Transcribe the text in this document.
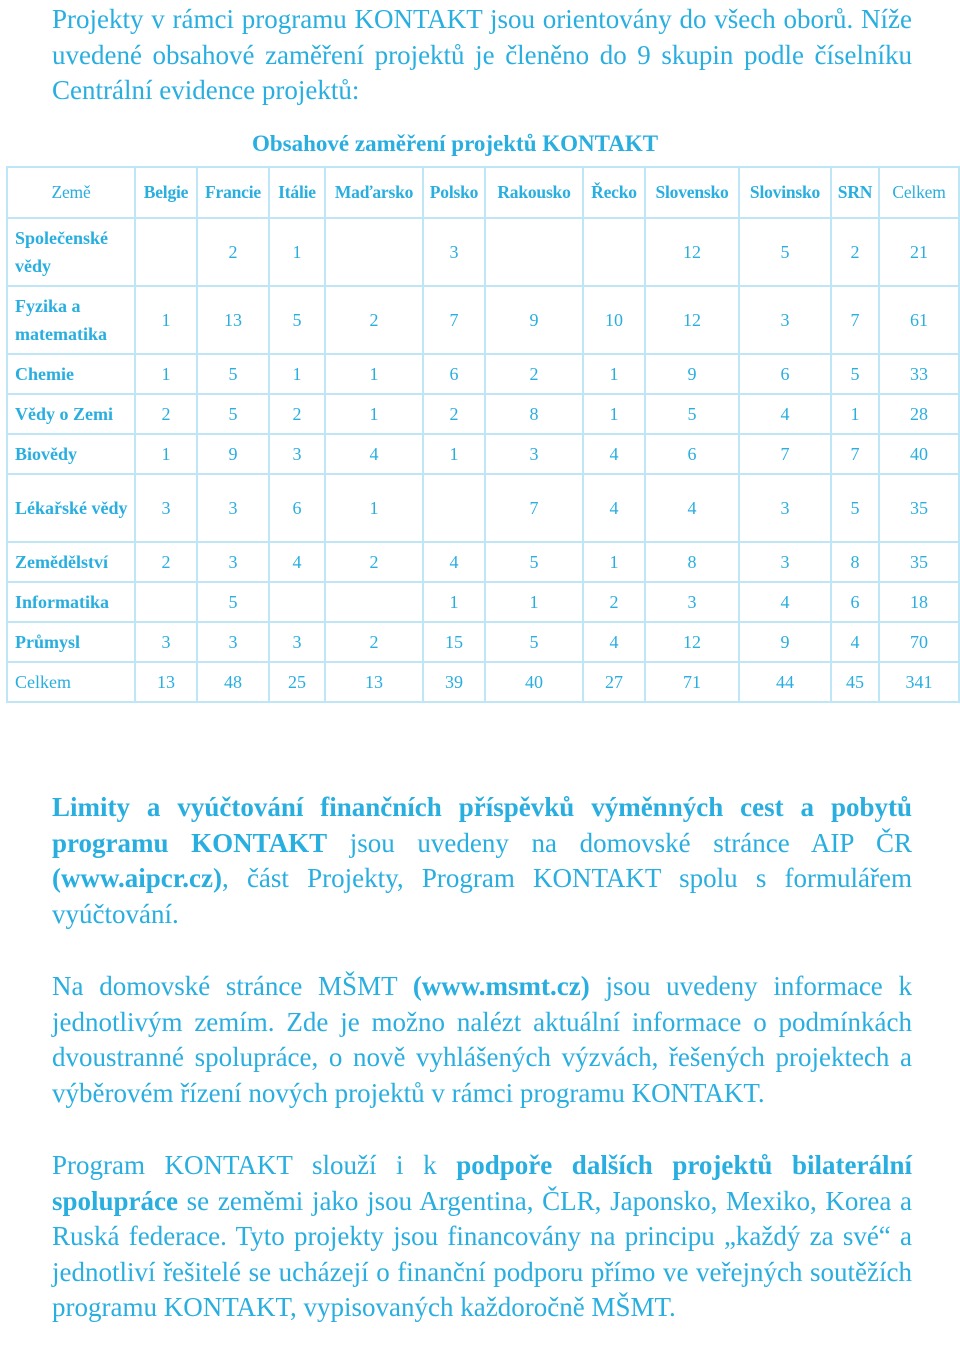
Projekty v rámci programu KONTAKT jsou orientovány do všech oborů. Níže uvedené obsahové zaměření projektů je členěno do 9 skupin podle číselníku Centrální evidence projektů:

Obsahové zaměření projektů KONTAKT
Země	Belgie	Francie	Itálie	Maďarsko	Polsko	Rakousko	Řecko	Slovensko	Slovinsko	SRN	Celkem
Společenské vědy		2	1		3			12	5	2	21
Fyzika a matematika	1	13	5	2	7	9	10	12	3	7	61
Chemie	1	5	1	1	6	2	1	9	6	5	33
Vědy o Zemi	2	5	2	1	2	8	1	5	4	1	28
Biovědy	1	9	3	4	1	3	4	6	7	7	40
Lékařské vědy	3	3	6	1		7	4	4	3	5	35
Zemědělství	2	3	4	2	4	5	1	8	3	8	35
Informatika		5			1	1	2	3	4	6	18
Průmysl	3	3	3	2	15	5	4	12	9	4	70
Celkem	13	48	25	13	39	40	27	71	44	45	341

Limity a vyúčtování finančních příspěvků výměnných cest a pobytů programu KONTAKT jsou uvedeny na domovské stránce AIP ČR (www.aipcr.cz), část Projekty, Program KONTAKT spolu s formulářem vyúčtování.

Na domovské stránce MŠMT (www.msmt.cz) jsou uvedeny informace k jednotlivým zemím. Zde je možno nalézt aktuální informace o podmínkách dvoustranné spolupráce, o nově vyhlášených výzvách, řešených projektech a výběrovém řízení nových projektů v rámci programu KONTAKT.

Program KONTAKT slouží i k podpoře dalších projektů bilaterální spolupráce se zeměmi jako jsou Argentina, ČLR, Japonsko, Mexiko, Korea a Ruská federace. Tyto projekty jsou financovány na principu „každý za své“ a jednotliví řešitelé se ucházejí o finanční podporu přímo ve veřejných soutěžích programu KONTAKT, vypisovaných každoročně MŠMT.
